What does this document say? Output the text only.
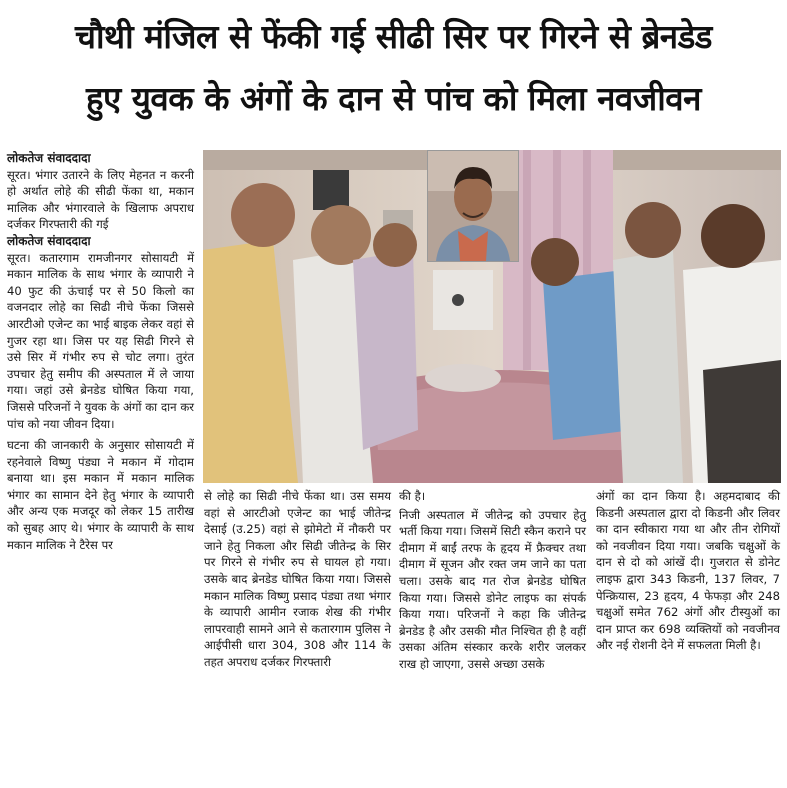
चौथी मंजिल से फेंकी गई सीढी सिर पर गिरने से ब्रेनडेड
हुए युवक के अंगों के दान से पांच को मिला नवजीवन
लोकतेज संवाददादा

सूरत। भंगार उतारने के लिए मेहनत न करनी हो अर्थात लोहे की सीढी फेंका था, मकान मालिक और भंगारवाले के खिलाफ अपराध दर्जकर गिरफ्तारी की गई

लोकतेज संवाददादा

सूरत। कतारगाम रामजीनगर सोसायटी में मकान मालिक के साथ भंगार के व्यापारी ने 40 फुट की ऊंचाई पर से 50 किलो का वजनदार लोहे का सिढी नीचे फेंका जिससे आरटीओ एजेन्ट का भाई बाइक लेकर वहां से गुजर रहा था। जिस पर यह सिढी गिरने से उसे सिर में गंभीर रुप से चोट लगा। तुरंत उपचार हेतु समीप की अस्पताल में ले जाया गया। जहां उसे ब्रेनडेड घोषित किया गया, जिससे परिजनों ने युवक के अंगों का दान कर पांच को नया जीवन दिया।

घटना की जानकारी के अनुसार सोसायटी में रहनेवाले विष्णु पंड्या ने मकान में गोदाम बनाया था। इस मकान में मकान मालिक भंगार का सामान देने हेतु भंगार के व्यापारी और अन्य एक मजदूर को लेकर 15 तारीख को सुबह आए थे। भंगार के व्यापारी के साथ मकान मालिक ने टैरेस पर

से लोहे का सिढी नीचे फेंका था। उस समय वहां से आरटीओ एजेन्ट का भाई जीतेन्द्र देसाई (उ.25) वहां से झोमेटो में नौकरी पर जाने हेतु निकला और सिढी जीतेन्द्र के सिर पर गिरने से गंभीर रुप से घायल हो गया। उसके बाद ब्रेनडेड घोषित किया गया। जिससे मकान मालिक विष्णु प्रसाद पंड्या तथा भंगार के व्यापारी आमीन रजाक शेख की गंभीर लापरवाही सामने आने से कतारगाम पुलिस ने आईपीसी धारा 304, 308 और 114 के तहत अपराध दर्जकर गिरफ्तारी

की है।

निजी अस्पताल में जीतेन्द्र को उपचार हेतु भर्ती किया गया। जिसमें सिटी स्कैन कराने पर दीमाग में बाईं तरफ के हृदय में फ्रैक्चर तथा दीमाग में सूजन और रक्त जम जाने का पता चला। उसके बाद गत रोज ब्रेनडेड घोषित किया गया। जिससे डोनेट लाइफ का संपर्क किया गया। परिजनों ने कहा कि जीतेन्द्र ब्रेनडेड है और उसकी मौत निश्चित ही है वहीं उसका अंतिम संस्कार करके शरीर जलकर राख हो जाएगा, उससे अच्छा उसके

अंगों का दान किया है। अहमदाबाद की किडनी अस्पताल द्वारा दो किडनी और लिवर का दान स्वीकारा गया था और तीन रोगियों को नवजीवन दिया गया। जबकि चक्षुओं के दान से दो को आंखें दी। गुजरात से डोनेट लाइफ द्वारा 343 किडनी, 137 लिवर, 7 पेन्क्रियास, 23 हृदय, 4 फेफड़ा और 248 चक्षुओं समेत 762 अंगों और टीस्युओं का दान प्राप्त कर 698 व्यक्तियों को नवजीनव और नई रोशनी देने में सफलता मिली है।
